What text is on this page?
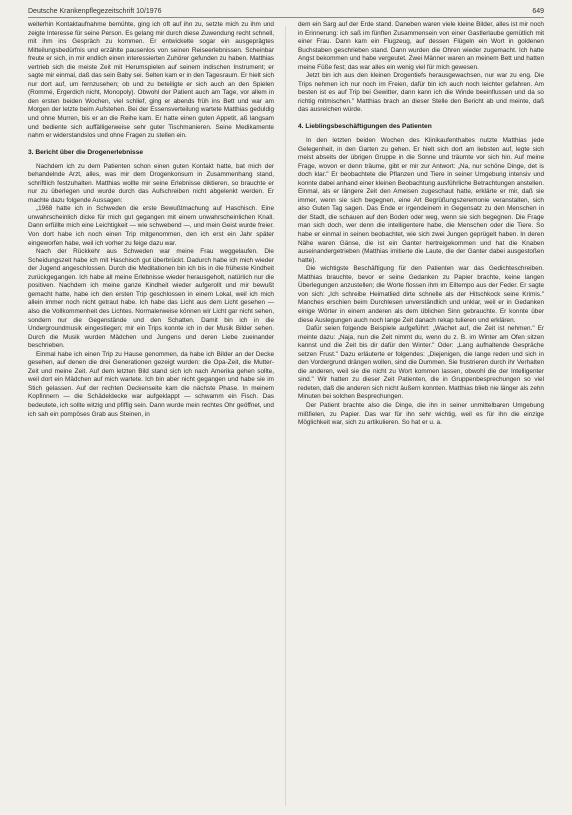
Deutsche Krankenpflegezeitschrift 10/1976	649

weiterhin Kontaktaufnahme bemühte, ging ich oft auf ihn zu, setzte mich zu ihm und zeigte Interesse für seine Person. Es gelang mir durch diese Zuwendung recht schnell, mit ihm ins Gespräch zu kommen. Er entwickelte sogar ein ausgeprägtes Mitteilungsbedürfnis und erzählte pausenlos von seinen Reiseerlebnissen. Scheinbar freute er sich, in mir endlich einen interessierten Zuhörer gefunden zu haben. Matthias vertrieb sich die meiste Zeit mit Herumspielen auf seinem indischen Instrument; er sagte mir einmal, daß das sein Baby sei. Selten kam er in den Tagesraum. Er hielt sich nur dort auf, um fernzusehen; ob und zu beteiligte er sich auch an den Spielen (Rommé, Ergerdich nicht, Monopoly). Obwohl der Patient auch am Tage, vor allem in den ersten beiden Wochen, viel schlief, ging er abends früh ins Bett und war am Morgen der letzte beim Aufstehen. Bei der Essensverteilung wartete Matthias geduldig und ohne Murren, bis er an die Reihe kam. Er hatte einen guten Appetit, aß langsam und bediente sich auffälligerweise sehr guter Tischmanieren. Seine Medikamente nahm er widerstandslos und ohne Fragen zu stellen ein.

3. Bericht über die Drogenerlebnisse

Nachdem ich zu dem Patienten schon einen guten Kontakt hatte, bat mich der behandelnde Arzt, alles, was mir dem Drogenkonsum in Zusammenhang stand, schriftlich festzuhalten. Matthias wollte mir seine Erlebnisse diktieren, so brauchte er nur zu überlegen und wurde durch das Aufschreiben nicht abgelenkt werden. Er machte dazu folgende Aussagen:

„1968 hatte ich in Schweden die erste Bewußtmachung auf Haschisch. Eine unwahrscheinlich dicke für mich gut gegangen mit einem unwahrscheinlichen Knall. Dann erfüllte mich eine Leichtigkeit — wie schwebend —, und mein Geist wurde freier. Von dort habe ich noch einen Trip mitgenommen, den ich erst ein Jahr später eingeworfen habe, weil ich vorher zu feige dazu war.

Nach der Rückkehr aus Schweden war meine Frau weggelaufen. Die Scheidungszeit habe ich mit Haschisch gut überbrückt. Dadurch habe ich mich wieder der Jugend angeschlossen. Durch die Meditationen bin ich bis in die früheste Kindheit zurückgegangen. Ich habe all meine Erlebnisse wieder herausgeholt, natürlich nur die positiven. Nachdem ich meine ganze Kindheit wieder aufgerollt und mir bewußt gemacht hatte, habe ich den ersten Trip geschlossen in einem Lokal, weil ich mich allein immer noch nicht getraut habe. Ich habe das Licht aus dem Licht gesehen — also die Vollkommenheit des Lichtes. Normalerweise können wir Licht gar nicht sehen, sondern nur die Gegenstände und den Schatten. Damit bin ich in die Undergroundmusik eingestiegen; mir ein Trips konnte ich in der Musik Bilder sehen. Durch die Musik wurden Mädchen und Jungens und deren Liebe zueinander beschrieben.

Einmal habe ich einen Trip zu Hause genommen, da habe ich Bilder an der Decke gesehen, auf denen die drei Generationen gezeigt wurden: die Opa-Zeit, die Mutter-Zeit und meine Zeit. Auf dem letzten Bild stand sich ich nach Amerika gehen sollte, weil dort ein Mädchen auf mich wartete. Ich bin aber nicht gegangen und habe sie im Stich gelassen. Auf der rechten Deckenseite kam die nächste Phase. In meinem Kopfinnern — die Schädeldecke war aufgeklappt — schwamm ein Fisch. Das bedeutete, ich sollte witzig und pfiffig sein. Dann wurde mein rechtes Ohr geöffnet, und ich sah ein pompöses Grab aus Steinen, in

dem ein Sarg auf der Erde stand. Daneben waren viele kleine Bilder, alles ist mir noch in Erinnerung: ich saß im fünften Zusammensein von einer Gastlerlaube gemütlich mit einer Frau. Dann kam ein Flugzeug, auf dessen Flügeln ein Wort in goldenen Buchstaben geschrieben stand. Dann wurden die Ohren wieder zugemacht. Ich hatte Angst bekommen und habe vergeutet. Zwei Männer waren an meinem Bett und hatten meine Füße fest; das war alles ein wenig viel für mich gewesen.

Jetzt bin ich aus den kleinen Drogentiefs herausgewachsen, nur war zu eng. Die Trips nehmen ich nur noch im Freien, dafür bin ich auch noch leichter gefahren. Am besten ist es auf Trip bei Gewitter, dann kann ich die Winde beeinflussen und da so richtig mitmischen." Matthias brach an dieser Stelle den Bericht ab und meinte, daß das ausreichen würde.

4. Lieblingsbeschäftigungen des Patienten

In den letzten beiden Wochen des Klinikaufenthaltes nutzte Matthias jede Gelegenheit, in den Garten zu gehen. Er hielt sich dort am liebsten auf, legte sich meist abseits der übrigen Gruppe in die Sonne und träumte vor sich hin. Auf meine Frage, wovon er denn träume, gibt er mir zur Antwort: „Na, nur schöne Dinge, det is doch klar." Er beobachtete die Pflanzen und Tiere in seiner Umgebung intensiv und konnte dabei anhand einer kleinen Beobachtung ausführliche Betrachtungen anstellen. Einmal, als er längere Zeit den Ameisen zugeschaut hatte, erklärte er mir, daß sie immer, wenn sie sich begegnen, eine Art Begrüßungszeremonie veranstalten, sich also Guten Tag sagen. Das Ende er irgendeinem in Gegensatz zu den Menschen in der Stadt, die schauen auf den Boden oder weg, wenn sie sich begegnen. Die Frage man sich doch, wer denn die intelligentere habe, die Menschen oder die Tiere. So habe er einmal in seinen beobachtet, wie sich zwei Jungen geprügelt haben. In deren Nähe waren Gänse, die ist ein Ganter hertreigekommen und hat die Knaben auseinandergetrieben (Matthias imitierte die Laute, die der Ganter dabei ausgestoßen hatte).

Die wichtigste Beschäftigung für den Patienten war das Gedichteschreiben. Matthias brauchte, bevor er seine Gedanken zu Papier brachte, keine langen Überlegungen anzustellen; die Worte flossen ihm im Eiltempo aus der Feder. Er sagte von sich: „Ich schreibe Heimatlied dirte schnelle als der Hitschkock seine Krimis." Manches erschien beim Durchlesen unverständlich und unklar, weil er in Gedanken einige Wörter in einem anderen als dem üblichen Sinn gebrauchte. Er konnte über diese Auslegungen auch noch lange Zeit danach rekap tulieren und erklären.

Dafür seien folgende Beispiele aufgeführt: „Wachet auf, die Zeit ist nehmen." Er meinte dazu: „Naja, nun die Zeit nimmt du, wenn du z. B. im Winter am Ofen sitzen kannst und die Zeit bis dir dafür den Winter." Oder: „Lang aufhaltende Gespräche setzen Frust." Dazu erläuterte er folgendes: „Diejenigen, die lange reden und sich in den Vordergrund drängen wollen, sind die Dummen. Sie frustrieren durch ihr Verhalten die anderen, weil sie die nicht zu Wort kommen lassen, obwohl die der Intelligenter sind." Wir hatten zu dieser Zeit Patienten, die in Gruppenbesprechungen so viel redeten, daß die anderen sich nicht äußern konnten. Matthias blieb nie länger als zehn Minuten bei solchen Besprechungen.

Der Patient brachte also die Dinge, die ihn in seiner unmittelbaren Umgebung mißfielen, zu Papier. Das war für ihn sehr wichtig, weil es für ihn die einzige Möglichkeit war, sich zu artikulieren. So hat er u. a.
